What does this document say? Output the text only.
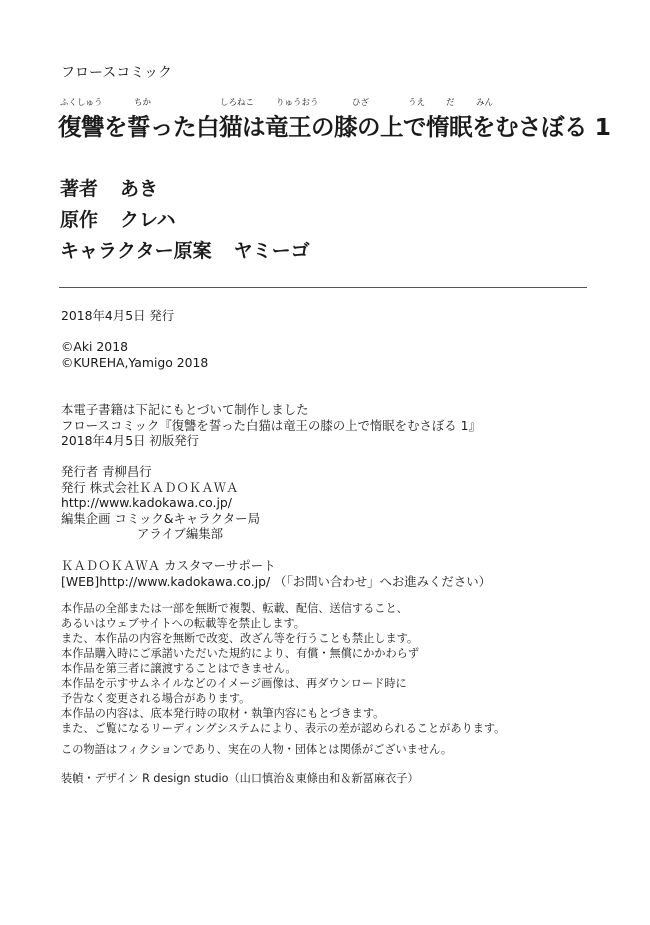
フロースコミック
ふくしゅう	ちか	しろねこ	りゅうおう	ひざ	うえ だ	みん
復讐を誓った白猫は竜王の膝の上で惰眠をむさぼる 1
著者 あき
原作 クレハ
キャラクター原案 ヤミーゴ
2018年4月5日 発行
©Aki 2018
©KUREHA,Yamigo 2018
本電子書籍は下記にもとづいて制作しました
フロースコミック『復讐を誓った白猫は竜王の膝の上で惰眠をむさぼる 1』
2018年4月5日 初版発行
発行者 青柳昌行
発行 株式会社ＫＡＤＯＫＡＷＡ
http://www.kadokawa.co.jp/
編集企画 コミック&キャラクター局
アライブ編集部
ＫＡＤＯＫＡＷＡ カスタマーサポート
[WEB]http://www.kadokawa.co.jp/ （「お問い合わせ」へお進みください）
本作品の全部または一部を無断で複製、転載、配信、送信すること、
あるいはウェブサイトへの転載等を禁止します。
また、本作品の内容を無断で改変、改ざん等を行うことも禁止します。
本作品購入時にご承諾いただいた規約により、有償・無償にかかわらず
本作品を第三者に譲渡することはできません。
本作品を示すサムネイルなどのイメージ画像は、再ダウンロード時に
予告なく変更される場合があります。
本作品の内容は、底本発行時の取材・執筆内容にもとづきます。
また、ご覧になるリーディングシステムにより、表示の差が認められることがあります。
この物語はフィクションであり、実在の人物・団体とは関係がございません。
装幀・デザイン R design studio（山口慎治＆東條由和＆新冨麻衣子）
